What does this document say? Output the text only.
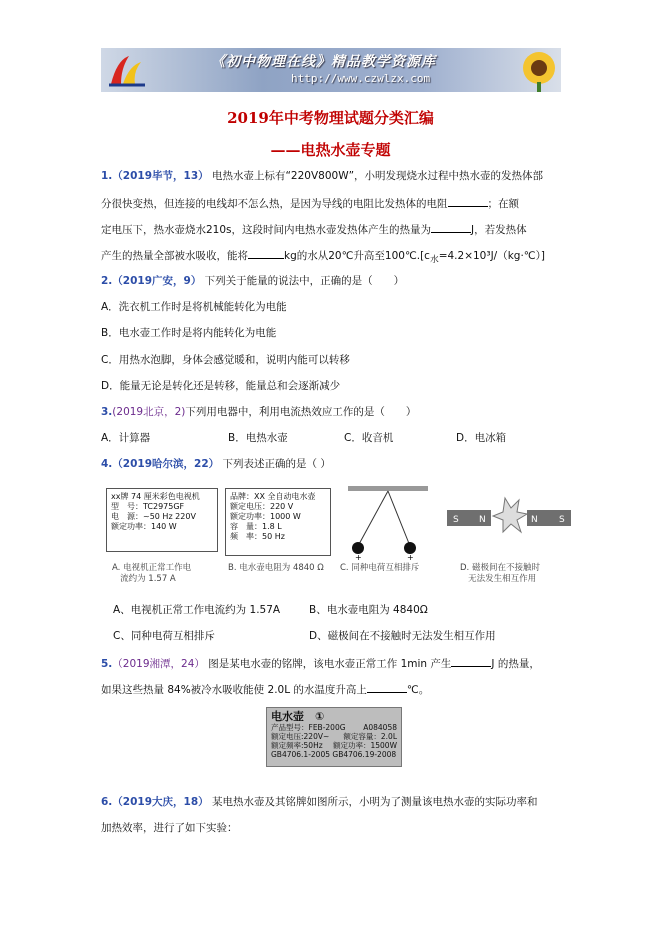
《初中物理在线》精品教学资源库
http://www.czwlzx.com
2019年中考物理试题分类汇编
——电热水壶专题
1.（2019毕节，13） 电热水壶上标有“220V800W”，小明发现烧水过程中热水壶的发热体部
分很快变热，但连接的电线却不怎么热，是因为导线的电阻比发热体的电阻	；在额
定电压下，热水壶烧水210s，这段时间内电热水壶发热体产生的热量为	J，若发热体
产生的热量全部被水吸收，能将	kg的水从20℃升高至$100℃.[c_水=4.2\times 10^3J/(kg\cdot℃)]$
2.（2019广安，9） 下列关于能量的说法中，正确的是（　　）
A．洗衣机工作时是将机械能转化为电能
B．电水壶工作时是将内能转化为电能
C．用热水泡脚，身体会感觉暖和，说明内能可以转移
D．能量无论是转化还是转移，能量总和会逐渐减少
3.(2019北京，2)下列用电器中，利用电流热效应工作的是（　　）
A．计算器	B．电热水壶	C．收音机	D．电冰箱
4.（2019哈尔滨，22） 下列表述正确的是（ ）
xx牌 74 厘米彩色电视机
型　号：TC2975GF
电　源：~50 Hz 220V
额定功率：140 W
品牌：XX 全自动电水壶
额定电压：220 V
额定功率：1000 W
容　量：1.8 L
频　率：50 Hz
+	+
S N	N S
A. 电视机正常工作电
流约为 1.57 A
B. 电水壶电阻为 4840 Ω C. 同种电荷互相排斥	D. 磁极间在不接触时
无法发生相互作用
A、电视机正常工作电流约为 1.57A	B、电水壶电阻为 4840Ω
C、同种电荷互相排斥	D、磁极间在不接触时无法发生相互作用
5.（2019湘潭，24） 图是某电水壶的铭牌，该电水壶正常工作 1min 产生	J 的热量，
如果这些热量 84%被冷水吸收能使 2.0L 的水温度升高上	℃。
电水壶　 ①
产品型号：FEB-200G A084058
额定电压:220V~ 额定容量：2.0L
额定频率:50Hz 额定功率：1500W
GB4706.1-2005 GB4706.19-2008
6.（2019大庆，18） 某电热水壶及其铭牌如图所示，小明为了测量该电热水壶的实际功率和
加热效率，进行了如下实验：
